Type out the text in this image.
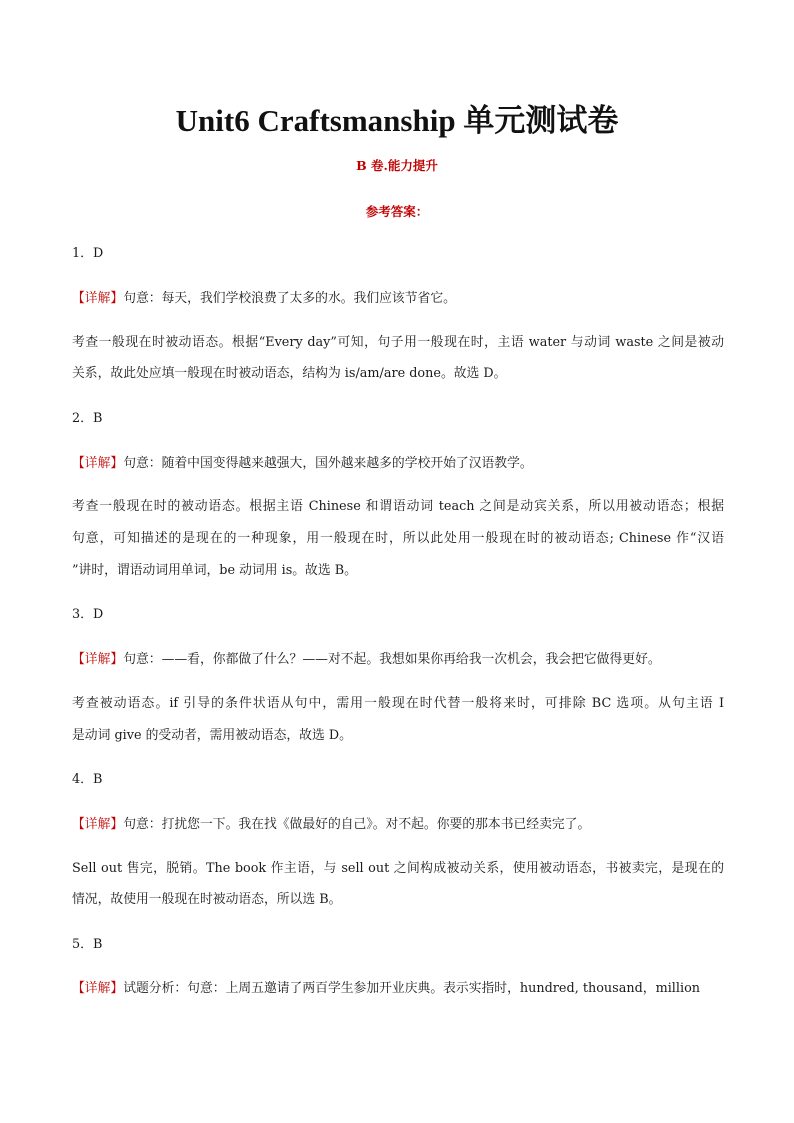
Unit6 Craftsmanship 单元测试卷
B 卷.能力提升
参考答案：
1．D
【详解】句意：每天，我们学校浪费了太多的水。我们应该节省它。
考查一般现在时被动语态。根据“Every day”可知，句子用一般现在时，主语 water 与动词 waste 之间是被动
关系，故此处应填一般现在时被动语态，结构为 is/am/are done。故选 D。
2．B
【详解】句意：随着中国变得越来越强大，国外越来越多的学校开始了汉语教学。
考查一般现在时的被动语态。根据主语 Chinese 和谓语动词 teach 之间是动宾关系，所以用被动语态；根据
句意，可知描述的是现在的一种现象，用一般现在时，所以此处用一般现在时的被动语态; Chinese 作“汉语
”讲时，谓语动词用单词，be 动词用 is。故选 B。
3．D
【详解】句意：——看，你都做了什么？——对不起。我想如果你再给我一次机会，我会把它做得更好。
考查被动语态。if 引导的条件状语从句中，需用一般现在时代替一般将来时，可排除 BC 选项。从句主语 I
是动词 give 的受动者，需用被动语态，故选 D。
4．B
【详解】句意：打扰您一下。我在找《做最好的自己》。对不起。你要的那本书已经卖完了。
Sell out 售完，脱销。The book 作主语，与 sell out 之间构成被动关系，使用被动语态，书被卖完，是现在的
情况，故使用一般现在时被动语态，所以选 B。
5．B
【详解】试题分析：句意：上周五邀请了两百学生参加开业庆典。表示实指时，hundred, thousand，million
